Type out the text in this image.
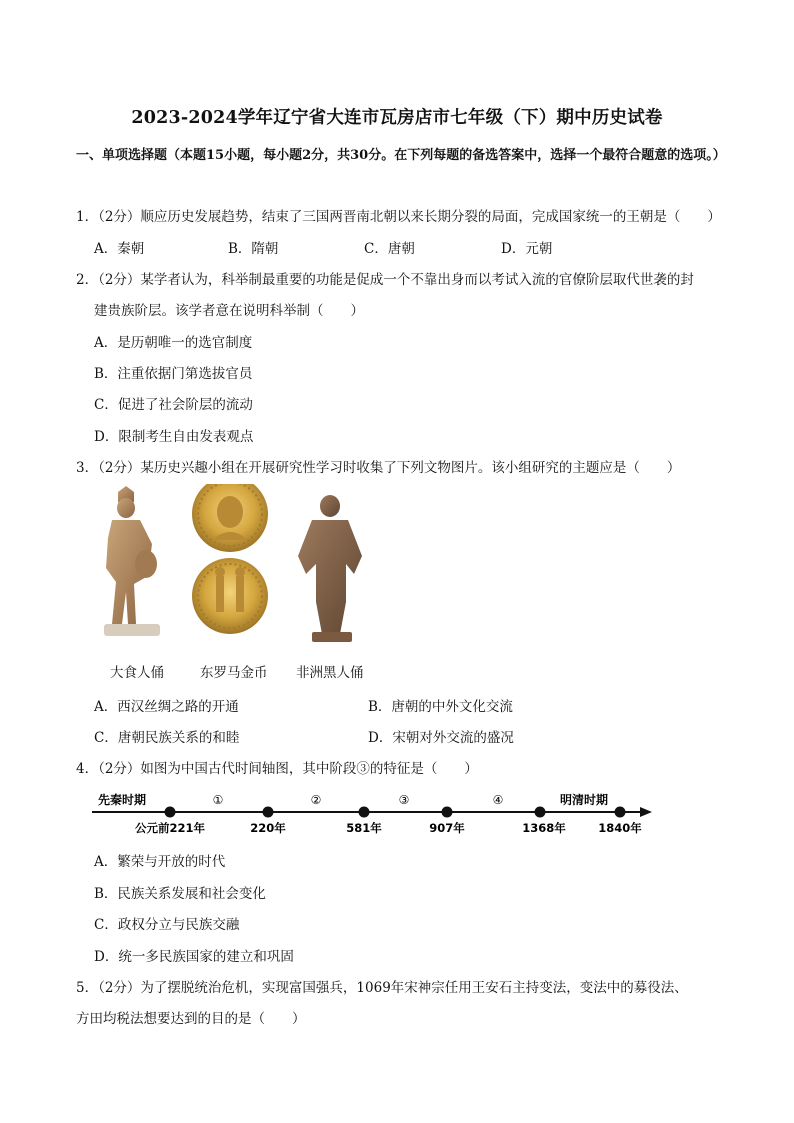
2023-2024学年辽宁省大连市瓦房店市七年级（下）期中历史试卷
一、单项选择题（本题15小题，每小题2分，共30分。在下列每题的备选答案中，选择一个最符合题意的选项。）
1．（2分）顺应历史发展趋势，结束了三国两晋南北朝以来长期分裂的局面，完成国家统一的王朝是（　　）
A．秦朝	B．隋朝	C．唐朝	D．元朝
2．（2分）某学者认为，科举制最重要的功能是促成一个不靠出身而以考试入流的官僚阶层取代世袭的封
建贵族阶层。该学者意在说明科举制（　　）
A．是历朝唯一的选官制度
B．注重依据门第选拔官员
C．促进了社会阶层的流动
D．限制考生自由发表观点
3．（2分）某历史兴趣小组在开展研究性学习时收集了下列文物图片。该小组研究的主题应是（　　）
大食人俑	东罗马金币 非洲黑人俑
A．西汉丝绸之路的开通	B．唐朝的中外文化交流
C．唐朝民族关系的和睦	D．宋朝对外交流的盛况
4．（2分）如图为中国古代时间轴图，其中阶段③的特征是（　　）
先秦时期	明清时期
①	②	③	④
公元前221年	220年	581年	907年	1368年	1840年
A．繁荣与开放的时代
B．民族关系发展和社会变化
C．政权分立与民族交融
D．统一多民族国家的建立和巩固
5．（2分）为了摆脱统治危机，实现富国强兵，1069年宋神宗任用王安石主持变法，变法中的募役法、
方田均税法想要达到的目的是（　　）
